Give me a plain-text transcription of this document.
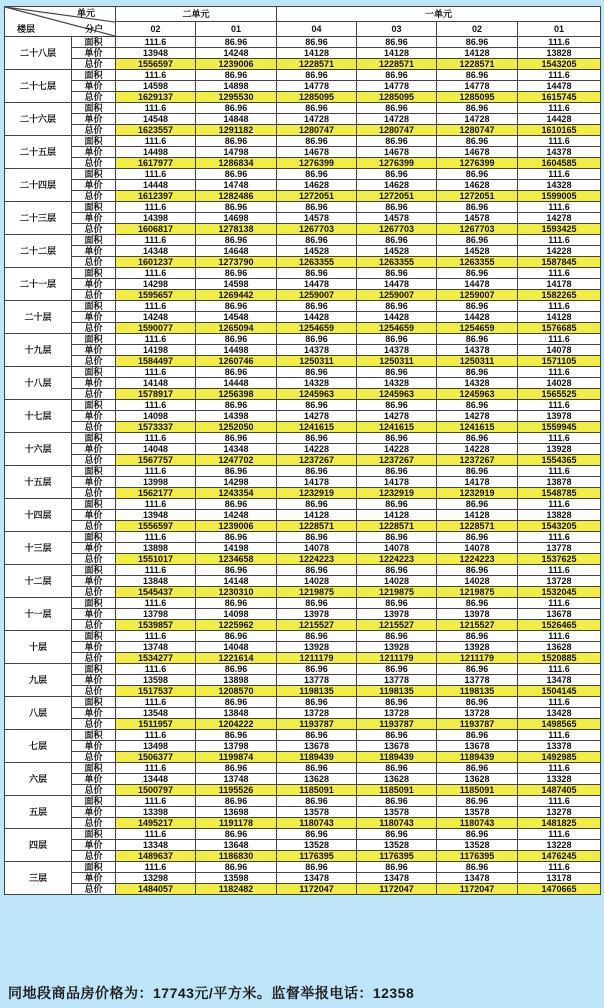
单元
分户
楼层		二单元		一单元			
		02	01	04	03	02	01
二十八层	面积	111.6	86.96	86.96	86.96	86.96	111.6
	单价	13948	14248	14128	14128	14128	13828
	总价	1556597	1239006	1228571	1228571	1228571	1543205
二十七层	面积	111.6	86.96	86.96	86.96	86.96	111.6
	单价	14598	14898	14778	14778	14778	14478
	总价	1629137	1295530	1285095	1285095	1285095	1615745
二十六层	面积	111.6	86.96	86.96	86.96	86.96	111.6
	单价	14548	14848	14728	14728	14728	14428
	总价	1623557	1291182	1280747	1280747	1280747	1610165
二十五层	面积	111.6	86.96	86.96	86.96	86.96	111.6
	单价	14498	14798	14678	14678	14678	14378
	总价	1617977	1286834	1276399	1276399	1276399	1604585
二十四层	面积	111.6	86.96	86.96	86.96	86.96	111.6
	单价	14448	14748	14628	14628	14628	14328
	总价	1612397	1282486	1272051	1272051	1272051	1599005
二十三层	面积	111.6	86.96	86.96	86.96	86.96	111.6
	单价	14398	14698	14578	14578	14578	14278
	总价	1606817	1278138	1267703	1267703	1267703	1593425
二十二层	面积	111.6	86.96	86.96	86.96	86.96	111.6
	单价	14348	14648	14528	14528	14528	14228
	总价	1601237	1273790	1263355	1263355	1263355	1587845
二十一层	面积	111.6	86.96	86.96	86.96	86.96	111.6
	单价	14298	14598	14478	14478	14478	14178
	总价	1595657	1269442	1259007	1259007	1259007	1582265
二十层	面积	111.6	86.96	86.96	86.96	86.96	111.6
	单价	14248	14548	14428	14428	14428	14128
	总价	1590077	1265094	1254659	1254659	1254659	1576685
十九层	面积	111.6	86.96	86.96	86.96	86.96	111.6
	单价	14198	14498	14378	14378	14378	14078
	总价	1584497	1260746	1250311	1250311	1250311	1571105
十八层	面积	111.6	86.96	86.96	86.96	86.96	111.6
	单价	14148	14448	14328	14328	14328	14028
	总价	1578917	1256398	1245963	1245963	1245963	1565525
十七层	面积	111.6	86.96	86.96	86.96	86.96	111.6
	单价	14098	14398	14278	14278	14278	13978
	总价	1573337	1252050	1241615	1241615	1241615	1559945
十六层	面积	111.6	86.96	86.96	86.96	86.96	111.6
	单价	14048	14348	14228	14228	14228	13928
	总价	1567757	1247702	1237267	1237267	1237267	1554365
十五层	面积	111.6	86.96	86.96	86.96	86.96	111.6
	单价	13998	14298	14178	14178	14178	13878
	总价	1562177	1243354	1232919	1232919	1232919	1548785
十四层	面积	111.6	86.96	86.96	86.96	86.96	111.6
	单价	13948	14248	14128	14128	14128	13828
	总价	1556597	1239006	1228571	1228571	1228571	1543205
十三层	面积	111.6	86.96	86.96	86.96	86.96	111.6
	单价	13898	14198	14078	14078	14078	13778
	总价	1551017	1234658	1224223	1224223	1224223	1537625
十二层	面积	111.6	86.96	86.96	86.96	86.96	111.6
	单价	13848	14148	14028	14028	14028	13728
	总价	1545437	1230310	1219875	1219875	1219875	1532045
十一层	面积	111.6	86.96	86.96	86.96	86.96	111.6
	单价	13798	14098	13978	13978	13978	13678
	总价	1539857	1225962	1215527	1215527	1215527	1526465
十层	面积	111.6	86.96	86.96	86.96	86.96	111.6
	单价	13748	14048	13928	13928	13928	13628
	总价	1534277	1221614	1211179	1211179	1211179	1520885
九层	面积	111.6	86.96	86.96	86.96	86.96	111.6
	单价	13598	13898	13778	13778	13778	13478
	总价	1517537	1208570	1198135	1198135	1198135	1504145
八层	面积	111.6	86.96	86.96	86.96	86.96	111.6
	单价	13548	13848	13728	13728	13728	13428
	总价	1511957	1204222	1193787	1193787	1193787	1498565
七层	面积	111.6	86.96	86.96	86.96	86.96	111.6
	单价	13498	13798	13678	13678	13678	13378
	总价	1506377	1199874	1189439	1189439	1189439	1492985
六层	面积	111.6	86.96	86.96	86.96	86.96	111.6
	单价	13448	13748	13628	13628	13628	13328
	总价	1500797	1195526	1185091	1185091	1185091	1487405
五层	面积	111.6	86.96	86.96	86.96	86.96	111.6
	单价	13398	13698	13578	13578	13578	13278
	总价	1495217	1191178	1180743	1180743	1180743	1481825
四层	面积	111.6	86.96	86.96	86.96	86.96	111.6
	单价	13348	13648	13528	13528	13528	13228
	总价	1489637	1186830	1176395	1176395	1176395	1476245
三层	面积	111.6	86.96	86.96	86.96	86.96	111.6
	单价	13298	13598	13478	13478	13478	13178
	总价	1484057	1182482	1172047	1172047	1172047	1470665
同地段商品房价格为：17743元/平方米。监督举报电话：12358
